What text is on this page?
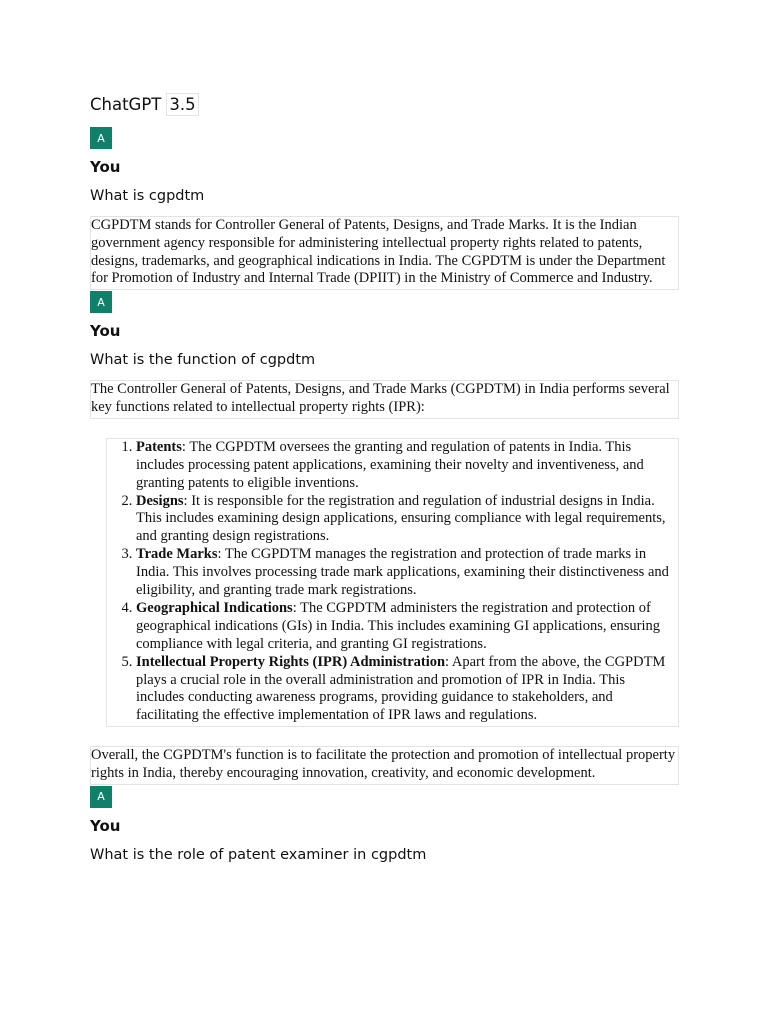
ChatGPT 3.5
A
You
What is cgpdtm
CGPDTM stands for Controller General of Patents, Designs, and Trade Marks. It is the Indian government agency responsible for administering intellectual property rights related to patents, designs, trademarks, and geographical indications in India. The CGPDTM is under the Department for Promotion of Industry and Internal Trade (DPIIT) in the Ministry of Commerce and Industry.
A
You
What is the function of cgpdtm
The Controller General of Patents, Designs, and Trade Marks (CGPDTM) in India performs several key functions related to intellectual property rights (IPR):
1. Patents: The CGPDTM oversees the granting and regulation of patents in India. This includes processing patent applications, examining their novelty and inventiveness, and granting patents to eligible inventions.
2. Designs: It is responsible for the registration and regulation of industrial designs in India. This includes examining design applications, ensuring compliance with legal requirements, and granting design registrations.
3. Trade Marks: The CGPDTM manages the registration and protection of trade marks in India. This involves processing trade mark applications, examining their distinctiveness and eligibility, and granting trade mark registrations.
4. Geographical Indications: The CGPDTM administers the registration and protection of geographical indications (GIs) in India. This includes examining GI applications, ensuring compliance with legal criteria, and granting GI registrations.
5. Intellectual Property Rights (IPR) Administration: Apart from the above, the CGPDTM plays a crucial role in the overall administration and promotion of IPR in India. This includes conducting awareness programs, providing guidance to stakeholders, and facilitating the effective implementation of IPR laws and regulations.
Overall, the CGPDTM's function is to facilitate the protection and promotion of intellectual property rights in India, thereby encouraging innovation, creativity, and economic development.
A
You
What is the role of patent examiner in cgpdtm
